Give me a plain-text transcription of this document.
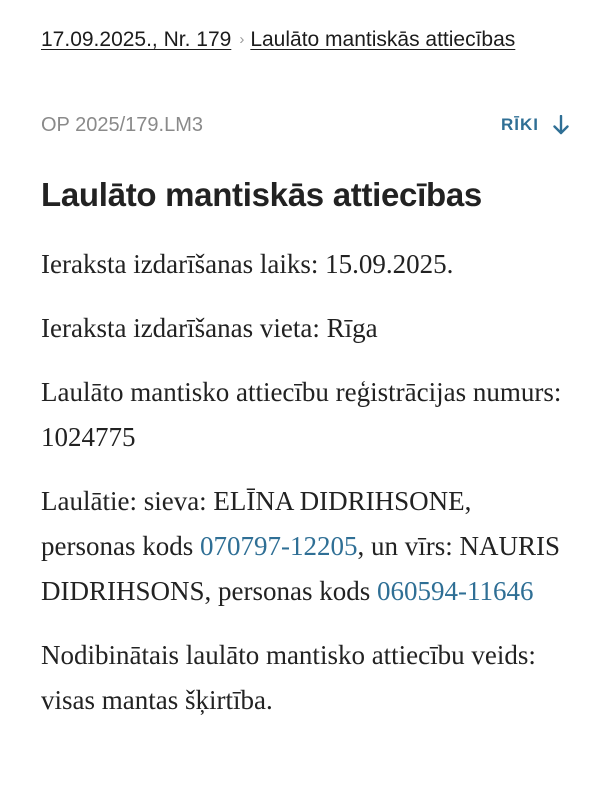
17.09.2025., Nr. 179 › Laulāto mantiskās attiecības
OP 2025/179.LM3	RĪKI
Laulāto mantiskās attiecības

Ieraksta izdarīšanas laiks: 15.09.2025.

Ieraksta izdarīšanas vieta: Rīga

Laulāto mantisko attiecību reģistrācijas numurs: 1024775

Laulātie: sieva: ELĪNA DIDRIHSONE, personas kods 070797-12205, un vīrs: NAURIS DIDRIHSONS, personas kods 060594-11646

Nodibinātais laulāto mantisko attiecību veids: visas mantas šķirtība.
